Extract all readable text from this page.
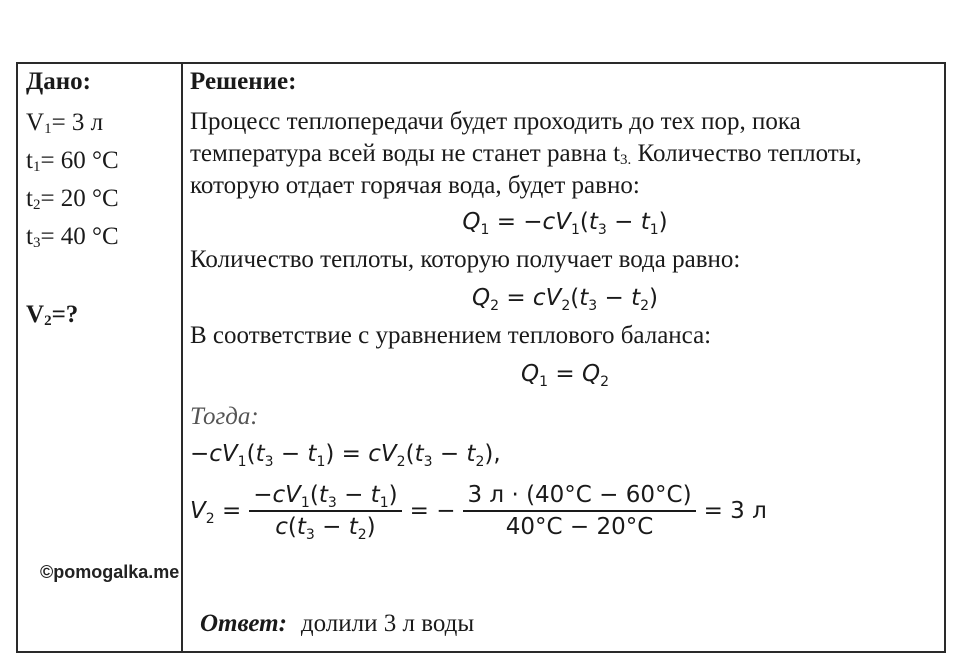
Дано:
$V_1= 3$ л
$t_1= 60$ °C
$t_2= 20$ °C
$t_3= 40$ °C
$V_2=$?
Решение:
Процесс теплопередачи будет проходить до тех пор, пока
температура всей воды не станет равна $t_{3.}$ Количество теплоты,
которую отдает горячая вода, будет равно:
$Q_1 = -cV_1(t_3 - t_1)$
Количество теплоты, которую получает вода равно:
$Q_2 = cV_2(t_3 - t_2)$
В соответствие с уравнением теплового баланса:
$Q_1 = Q_2$
Тогда:
$-cV_1(t_3 - t_1) = cV_2(t_3 - t_2)$,
$V_2 = \frac{-cV_1(t_3 - t_1)}{c(t_3 - t_2)}$ = − $\frac{3 л \cdot (40^\circ C - 60^\circ C)}{40^\circ C - 20^\circ C} = 3$ л
©pomogalka.me
Ответ: долили 3 л воды
